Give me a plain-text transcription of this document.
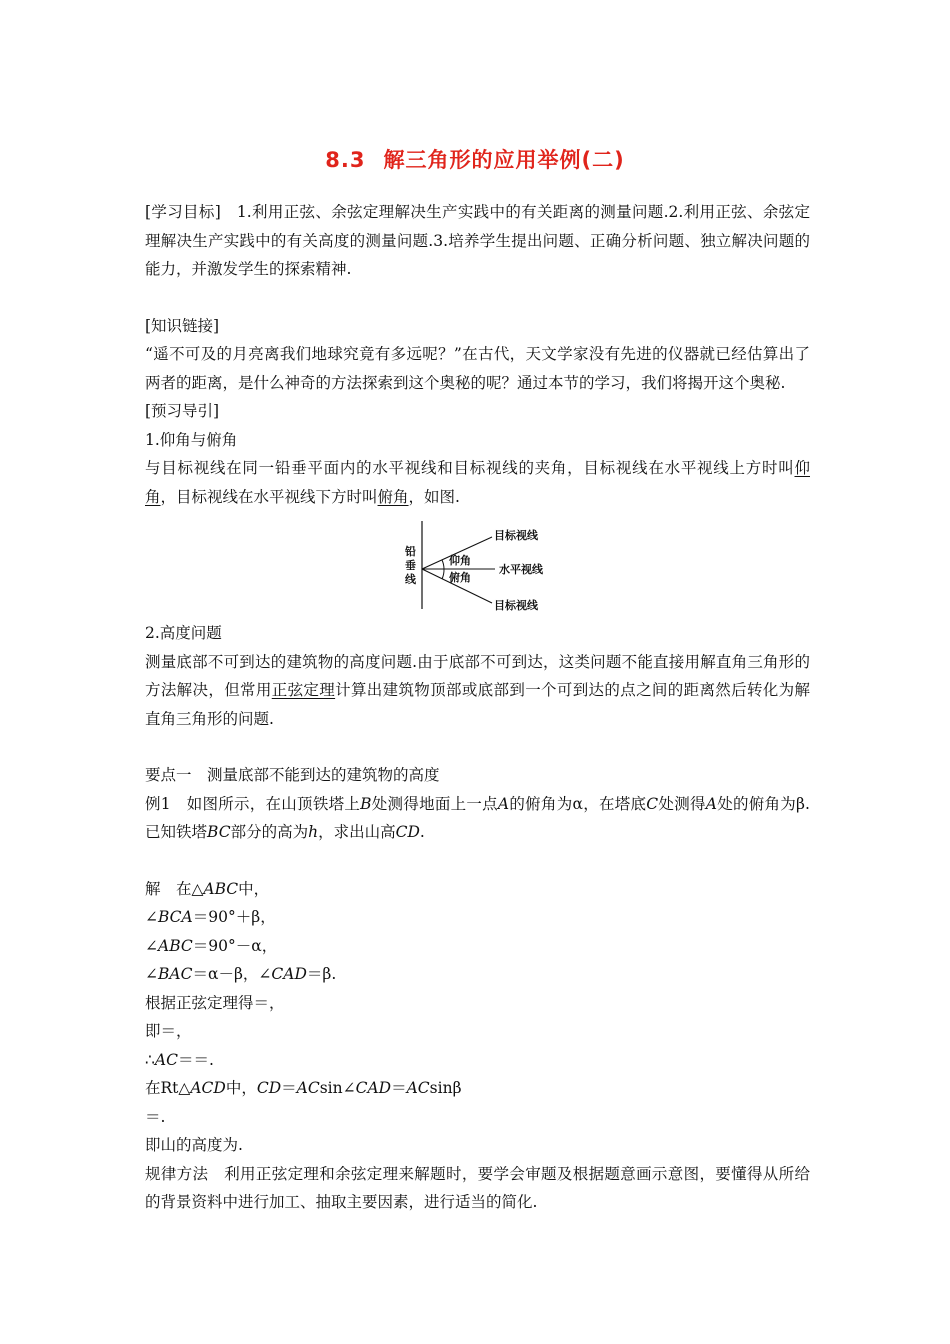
8.3 解三角形的应用举例(二)

[学习目标]　 1.利用正弦、余弦定理解决生产实践中的有关距离的测量问题.2.利用正弦、余弦定理解决生产实践中的有关高度的测量问题.3.培养学生提出问题、正确分析问题、独立解决问题的能力，并激发学生的探索精神.

[知识链接]

“遥不可及的月亮离我们地球究竟有多远呢？”在古代，天文学家没有先进的仪器就已经估算出了两者的距离，是什么神奇的方法探索到这个奥秘的呢？通过本节的学习，我们将揭开这个奥秘.

[预习导引]

1.仰角与俯角

与目标视线在同一铅垂平面内的水平视线和目标视线的夹角，目标视线在水平视线上方时叫仰角，目标视线在水平视线下方时叫俯角，如图.

铅
垂
线
仰角
俯角
目标视线
水平视线
目标视线

2.高度问题

测量底部不可到达的建筑物的高度问题.由于底部不可到达，这类问题不能直接用解直角三角形的方法解决，但常用正弦定理计算出建筑物顶部或底部到一个可到达的点之间的距离然后转化为解直角三角形的问题.

要点一　测量底部不能到达的建筑物的高度

例1　 如图所示，在山顶铁塔上B处测得地面上一点A的俯角为α，在塔底C处测得A处的俯角为β.已知铁塔BC部分的高为h，求出山高CD.

解　在△ABC中，

∠BCA＝90°＋β，

∠ABC＝90°－α，

∠BAC＝α－β，∠CAD＝β.

根据正弦定理得＝，

即＝，

∴AC＝＝.

在Rt△ACD中，CD＝ACsin∠CAD＝ACsinβ

＝.

即山的高度为.

规律方法　利用正弦定理和余弦定理来解题时，要学会审题及根据题意画示意图，要懂得从所给的背景资料中进行加工、抽取主要因素，进行适当的简化.
